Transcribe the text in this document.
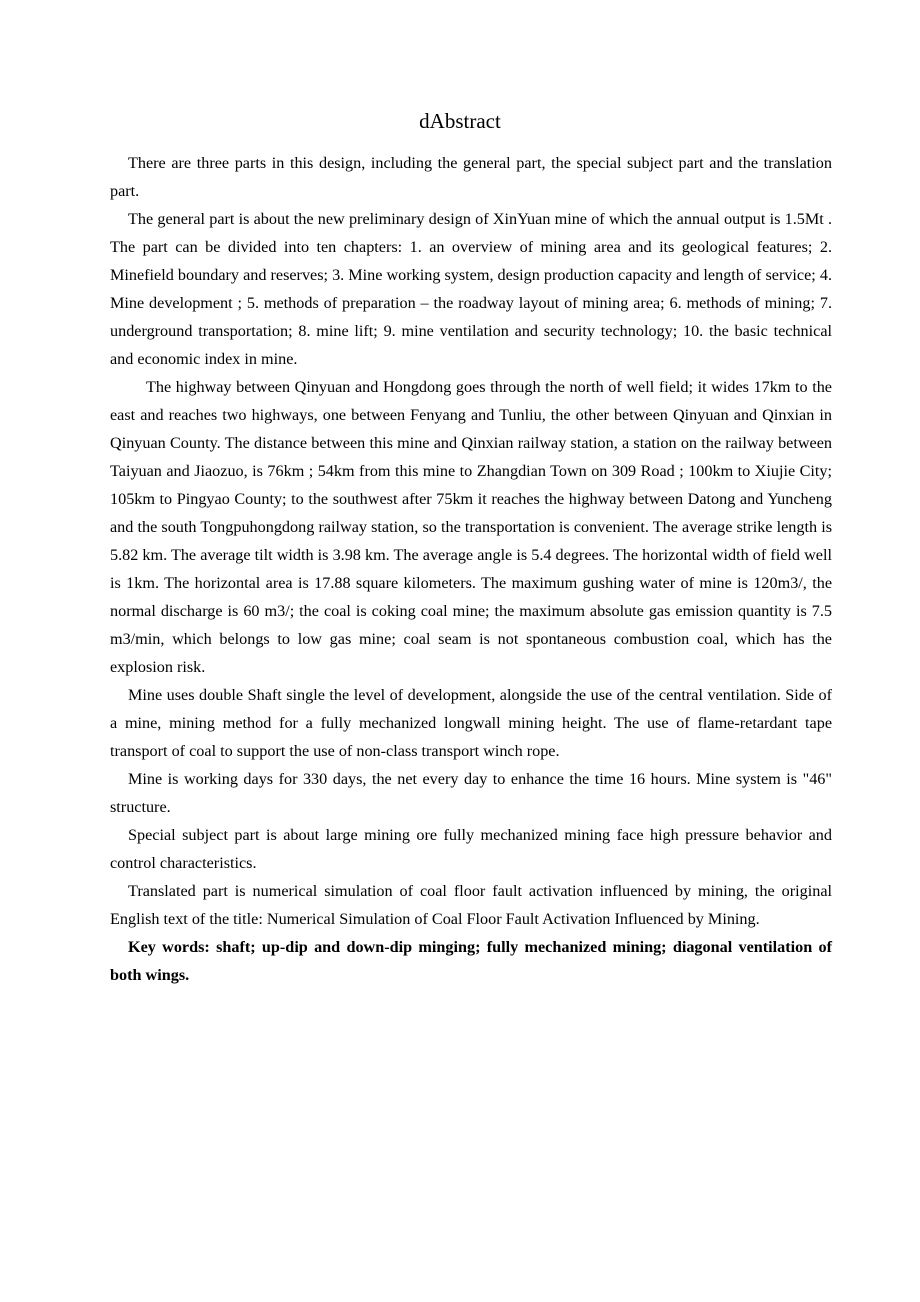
dAbstract

There are three parts in this design, including the general part, the special subject part and the translation part.

The general part is about the new preliminary design of XinYuan mine of which the annual output is 1.5Mt . The part can be divided into ten chapters: 1. an overview of mining area and its geological features; 2. Minefield boundary and reserves; 3. Mine working system, design production capacity and length of service; 4. Mine development ; 5. methods of preparation – the roadway layout of mining area; 6. methods of mining; 7. underground transportation; 8. mine lift; 9. mine ventilation and security technology; 10. the basic technical and economic index in mine.

The highway between Qinyuan and Hongdong goes through the north of well field; it wides 17km to the east and reaches two highways, one between Fenyang and Tunliu, the other between Qinyuan and Qinxian in Qinyuan County. The distance between this mine and Qinxian railway station, a station on the railway between Taiyuan and Jiaozuo, is 76km ; 54km from this mine to Zhangdian Town on 309 Road ; 100km to Xiujie City; 105km to Pingyao County; to the southwest after 75km it reaches the highway between Datong and Yuncheng and the south Tongpuhongdong railway station, so the transportation is convenient. The average strike length is 5.82 km. The average tilt width is 3.98 km. The average angle is 5.4 degrees. The horizontal width of field well is 1km. The horizontal area is 17.88 square kilometers. The maximum gushing water of mine is 120m3/, the normal discharge is 60 m3/; the coal is coking coal mine; the maximum absolute gas emission quantity is 7.5 m3/min, which belongs to low gas mine; coal seam is not spontaneous combustion coal, which has the explosion risk.

Mine uses double Shaft single the level of development, alongside the use of the central ventilation. Side of a mine, mining method for a fully mechanized longwall mining height. The use of flame-retardant tape transport of coal to support the use of non-class transport winch rope.

Mine is working days for 330 days, the net every day to enhance the time 16 hours. Mine system is "46" structure.

Special subject part is about large mining ore fully mechanized mining face high pressure behavior and control characteristics.

Translated part is numerical simulation of coal floor fault activation influenced by mining, the original English text of the title: Numerical Simulation of Coal Floor Fault Activation Influenced by Mining.

Key words: shaft; up-dip and down-dip minging; fully mechanized mining; diagonal ventilation of both wings.
